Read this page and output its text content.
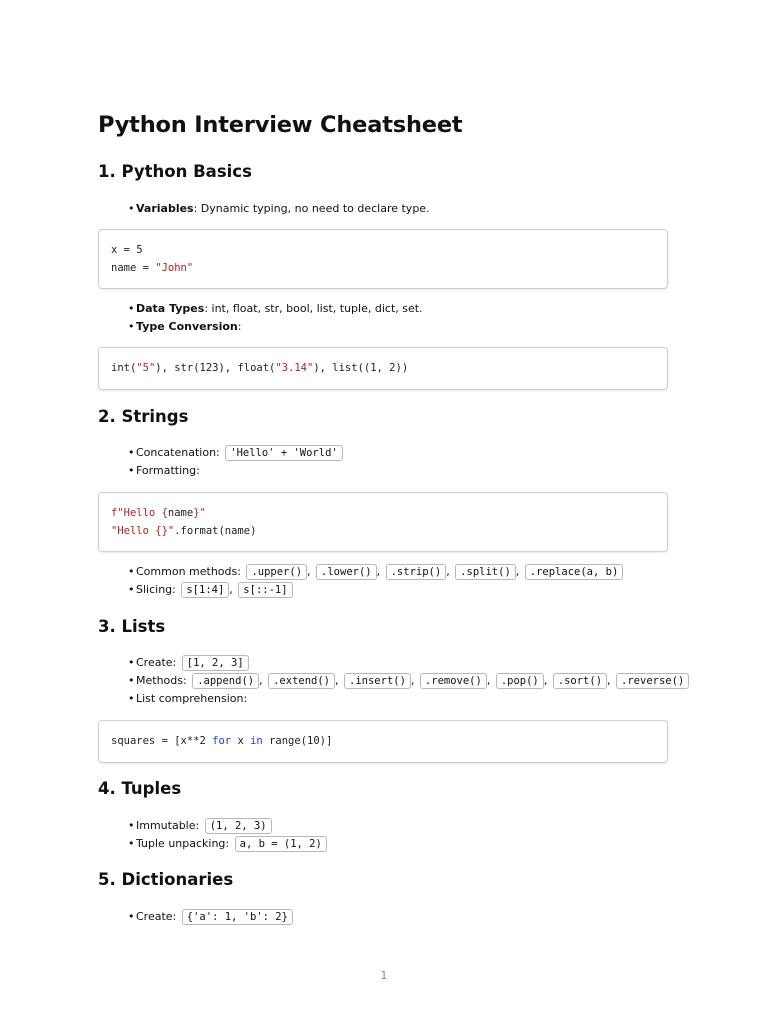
Python Interview Cheatsheet
1. Python Basics
• Variables: Dynamic typing, no need to declare type.
x = 5
name = "John"
• Data Types: int, float, str, bool, list, tuple, dict, set.
• Type Conversion:
int("5"), str(123), float("3.14"), list((1, 2))
2. Strings
• Concatenation: 'Hello' + 'World'
• Formatting:
f"Hello {name}"
"Hello {}".format(name)
• Common methods: .upper() , .lower() , .strip() , .split() , .replace(a, b)
• Slicing: s[1:4] , s[::-1]
3. Lists
• Create: [1, 2, 3]
• Methods: .append() , .extend() , .insert() , .remove() , .pop() , .sort() , .reverse()
• List comprehension:
squares = [x**2 for x in range(10)]
4. Tuples
• Immutable: (1, 2, 3)
• Tuple unpacking: a, b = (1, 2)
5. Dictionaries
• Create: {'a': 1, 'b': 2}
1
